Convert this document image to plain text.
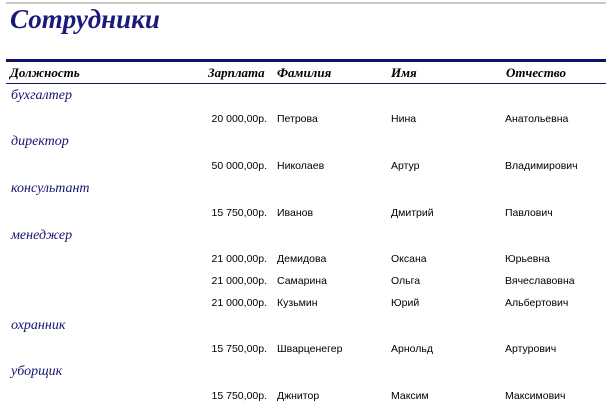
Сотрудники
Должность	Зарплата Фамилия	Имя	Отчество
бухгалтер
20 000,00р. Петрова	Нина	Анатольевна
директор
50 000,00р. Николаев	Артур	Владимирович
консультант
15 750,00р. Иванов	Дмитрий	Павлович
менеджер
21 000,00р. Демидова	Оксана	Юрьевна
21 000,00р. Самарина	Ольга	Вячеславовна
21 000,00р. Кузьмин	Юрий	Альбертович
охранник
15 750,00р. Шварценегер	Арнольд	Артурович
уборщик
15 750,00р. Джнитор	Максим	Максимович
